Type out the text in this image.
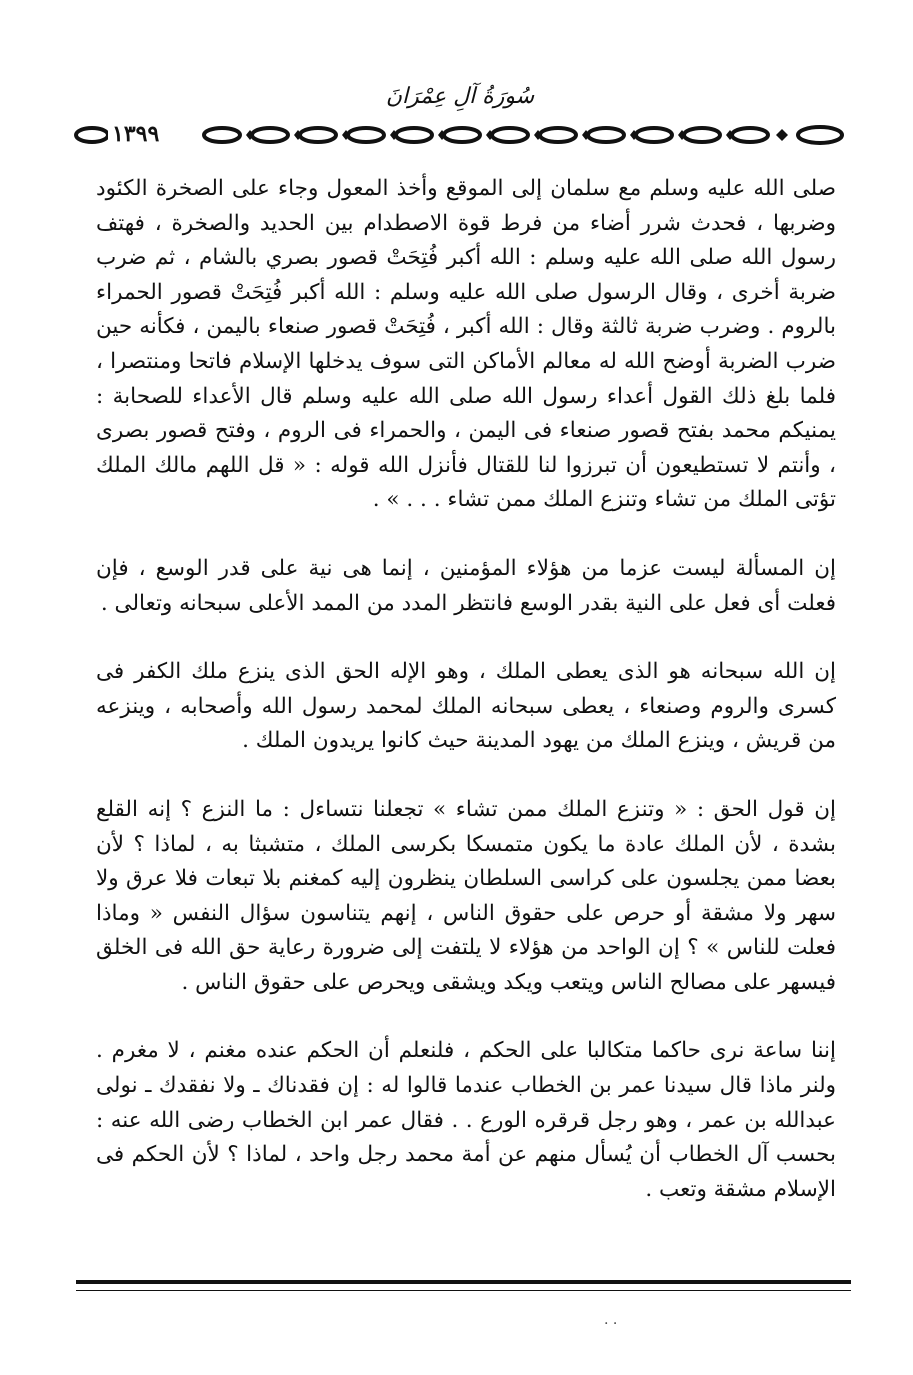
سُورَةُ آلِ عِمْرَانَ
١٣٩٩

صلى الله عليه وسلم مع سلمان إلى الموقع وأخذ المعول وجاء على الصخرة الكئود وضربها ، فحدث شرر أضاء من فرط قوة الاصطدام بين الحديد والصخرة ، فهتف رسول الله صلى الله عليه وسلم : الله أكبر فُتِحَتْ قصور بصري بالشام ، ثم ضرب ضربة أخرى ، وقال الرسول صلى الله عليه وسلم : الله أكبر فُتِحَتْ قصور الحمراء بالروم . وضرب ضربة ثالثة وقال : الله أكبر ، فُتِحَتْ قصور صنعاء باليمن ، فكأنه حين ضرب الضربة أوضح الله له معالم الأماكن التى سوف يدخلها الإسلام فاتحا ومنتصرا ، فلما بلغ ذلك القول أعداء رسول الله صلى الله عليه وسلم قال الأعداء للصحابة : يمنيكم محمد بفتح قصور صنعاء فى اليمن ، والحمراء فى الروم ، وفتح قصور بصرى ، وأنتم لا تستطيعون أن تبرزوا لنا للقتال فأنزل الله قوله : « قل اللهم مالك الملك تؤتى الملك من تشاء وتنزع الملك ممن تشاء . . . » .

إن المسألة ليست عزما من هؤلاء المؤمنين ، إنما هى نية على قدر الوسع ، فإن فعلت أى فعل على النية بقدر الوسع فانتظر المدد من الممد الأعلى سبحانه وتعالى .

إن الله سبحانه هو الذى يعطى الملك ، وهو الإله الحق الذى ينزع ملك الكفر فى كسرى والروم وصنعاء ، يعطى سبحانه الملك لمحمد رسول الله وأصحابه ، وينزعه من قريش ، وينزع الملك من يهود المدينة حيث كانوا يريدون الملك .

إن قول الحق : « وتنزع الملك ممن تشاء » تجعلنا نتساءل : ما النزع ؟ إنه القلع بشدة ، لأن الملك عادة ما يكون متمسكا بكرسى الملك ، متشبثا به ، لماذا ؟ لأن بعضا ممن يجلسون على كراسى السلطان ينظرون إليه كمغنم بلا تبعات فلا عرق ولا سهر ولا مشقة أو حرص على حقوق الناس ، إنهم يتناسون سؤال النفس « وماذا فعلت للناس » ؟ إن الواحد من هؤلاء لا يلتفت إلى ضرورة رعاية حق الله فى الخلق فيسهر على مصالح الناس ويتعب ويكد ويشقى ويحرص على حقوق الناس .

إننا ساعة نرى حاكما متكالبا على الحكم ، فلنعلم أن الحكم عنده مغنم ، لا مغرم . ولنر ماذا قال سيدنا عمر بن الخطاب عندما قالوا له : إن فقدناك ـ ولا نفقدك ـ نولى عبدالله بن عمر ، وهو رجل قرقره الورع . . فقال عمر ابن الخطاب رضى الله عنه : بحسب آل الخطاب أن يُسأل منهم عن أمة محمد رجل واحد ، لماذا ؟ لأن الحكم فى الإسلام مشقة وتعب .

. .
